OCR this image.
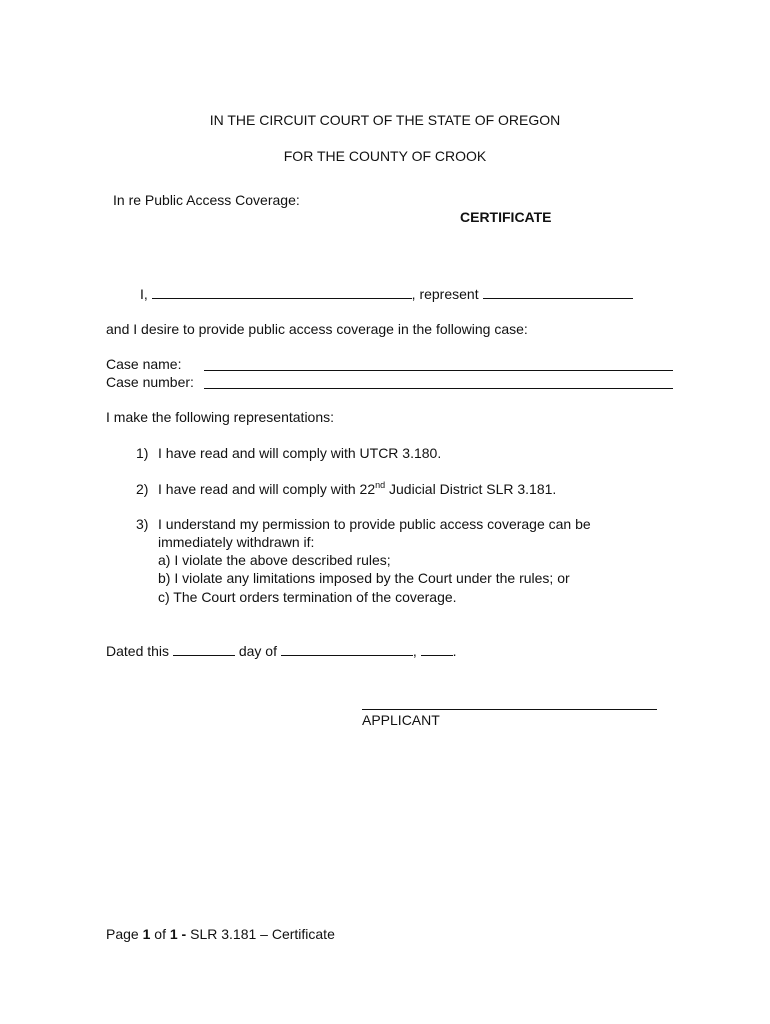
IN THE CIRCUIT COURT OF THE STATE OF OREGON
FOR THE COUNTY OF CROOK
In re Public Access Coverage:
CERTIFICATE
I,	, represent
and I desire to provide public access coverage in the following case:
Case name:
Case number:
I make the following representations:
1) I have read and will comply with UTCR 3.180.
2) I have read and will comply with 22nd Judicial District SLR 3.181.
3) I understand my permission to provide public access coverage can be
immediately withdrawn if:
a) I violate the above described rules;
b) I violate any limitations imposed by the Court under the rules; or
c) The Court orders termination of the coverage.
Dated this	day of	,	.
APPLICANT
Page 1 of 1 - SLR 3.181 – Certificate
